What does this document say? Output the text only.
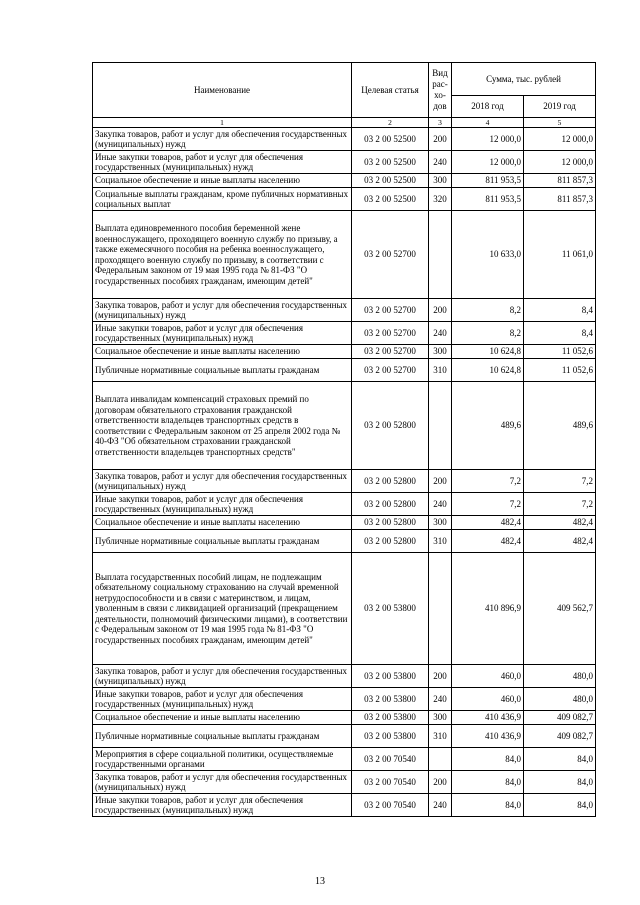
Наименование	Целевая статья	Вид
рас-
хо-
дов	Сумма, тыс. рублей	
			2018 год	2019 год
1	2	3	4	5
Закупка товаров, работ и услуг для обеспечения государственных (муниципальных) нужд	03 2 00 52500	200	12 000,0	12 000,0
Иные закупки товаров, работ и услуг для обеспечения государственных (муниципальных) нужд	03 2 00 52500	240	12 000,0	12 000,0
Социальное обеспечение и иные выплаты населению	03 2 00 52500	300	811 953,5	811 857,3
Социальные выплаты гражданам, кроме публичных нормативных социальных выплат	03 2 00 52500	320	811 953,5	811 857,3
Выплата единовременного пособия беременной жене военнослужащего, проходящего военную службу по призыву, а также ежемесячного пособия на ребенка военнослужащего, проходящего военную службу по призыву, в соответствии с Федеральным законом от 19 мая 1995 года № 81-ФЗ "О государственных пособиях гражданам, имеющим детей"	03 2 00 52700		10 633,0	11 061,0
Закупка товаров, работ и услуг для обеспечения государственных (муниципальных) нужд	03 2 00 52700	200	8,2	8,4
Иные закупки товаров, работ и услуг для обеспечения государственных (муниципальных) нужд	03 2 00 52700	240	8,2	8,4
Социальное обеспечение и иные выплаты населению	03 2 00 52700	300	10 624,8	11 052,6
Публичные нормативные социальные выплаты гражданам	03 2 00 52700	310	10 624,8	11 052,6
Выплата инвалидам компенсаций страховых премий по договорам обязательного страхования гражданской ответственности владельцев транспортных средств в соответствии с Федеральным законом от 25 апреля 2002 года № 40-ФЗ "Об обязательном страховании гражданской ответственности владельцев транспортных средств"	03 2 00 52800		489,6	489,6
Закупка товаров, работ и услуг для обеспечения государственных (муниципальных) нужд	03 2 00 52800	200	7,2	7,2
Иные закупки товаров, работ и услуг для обеспечения государственных (муниципальных) нужд	03 2 00 52800	240	7,2	7,2
Социальное обеспечение и иные выплаты населению	03 2 00 52800	300	482,4	482,4
Публичные нормативные социальные выплаты гражданам	03 2 00 52800	310	482,4	482,4
Выплата государственных пособий лицам, не подлежащим обязательному социальному страхованию на случай временной нетрудоспособности и в связи с материнством, и лицам, уволенным в связи с ликвидацией организаций (прекращением деятельности, полномочий физическими лицами), в соответствии с Федеральным законом от 19 мая 1995 года № 81-ФЗ "О государственных пособиях гражданам, имеющим детей"	03 2 00 53800		410 896,9	409 562,7
Закупка товаров, работ и услуг для обеспечения государственных (муниципальных) нужд	03 2 00 53800	200	460,0	480,0
Иные закупки товаров, работ и услуг для обеспечения государственных (муниципальных) нужд	03 2 00 53800	240	460,0	480,0
Социальное обеспечение и иные выплаты населению	03 2 00 53800	300	410 436,9	409 082,7
Публичные нормативные социальные выплаты гражданам	03 2 00 53800	310	410 436,9	409 082,7
Мероприятия в сфере социальной политики, осуществляемые государственными органами	03 2 00 70540		84,0	84,0
Закупка товаров, работ и услуг для обеспечения государственных (муниципальных) нужд	03 2 00 70540	200	84,0	84,0
Иные закупки товаров, работ и услуг для обеспечения государственных (муниципальных) нужд	03 2 00 70540	240	84,0	84,0
13
